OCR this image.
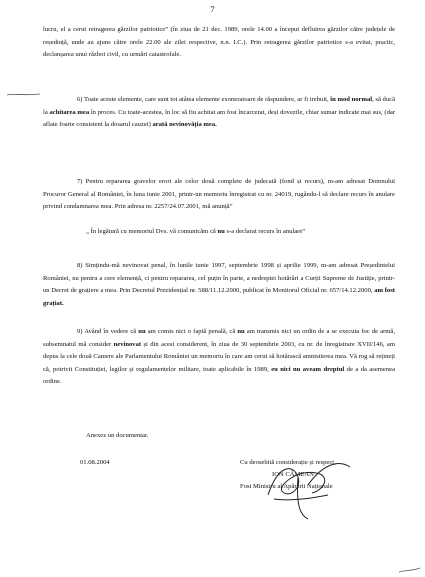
7

lucru, el a cerut retragerea gărzilor patriotice” (în ziua de 21 dec. 1989, orele 14.00 a început defluirea gărzilor către județele de reședință, unde au ajuns către orele 22.00 ale zilei respective, n.n. I.C.). Prin retragerea gărzilor patriotice s-a evitat, practic, declanșarea unui război civil, cu urmări catastrofale.

6) Toate aceste elemente, care sunt tot atâtea elemente exoneratoare de răspundere, ar fi trebuit, în mod normal, să ducă la achitarea mea în proces. Cu toate-acestea, în loc să fiu achitat am fost încarcerat, deși dovezile, chiar sumar indicate mai sus, (dar aflate foarte consistent la dosarul cauzei) arată nevinovăția mea.

7) Pentru repararea gravelor erori ale celor două complete de judecată (fond și recurs), m-am adresat Domnului Procuror General al României, în luna iunie 2001, printr-un memoriu înregistrat cu nr. 24019, rugându-l să declare recurs în anulare privind condamnarea mea. Prin adresa nr. 2257/24.07.2001, mă anunță”

„ În legătură cu memoriul Dvs. vă comunicăm că nu s-a declarat recurs în anulare”

8) Simțindu-mă nevinovat penal, în lunile iunie 1997, septembrie 1998 și aprilie 1999, m-am adresat Președintelui României, nu pentru a cere elemență, ci pentru repararea, cel puțin în parte, a nedreptei hotărâri a Curții Supreme de Justiție, printr-un Decret de grațiere a mea. Prin Decretul Prezidențial nr. 588/11.12.2000, publicat în Monitorul Oficial nr. 657/14.12.2000, am fost grațiat.

9) Având în vedere că nu am comis nici o faptă penală, că nu am transmis nici un ordin de a se executa foc de armă, subsemnatul mă consider nevinovat și din acest considerent, în ziua de 30 septembrie 2003, cu nr. de înregistrare XVII/146, am depus la cele două Camere ale Parlamentului României un memoriu în care am cerut să hotărască amnistierea mea. Vă rog să rețineți că, potrivit Constituției, legilor și regulamentelor militare, toate aplicabile în 1989, eu nici nu aveam dreptul de a da asemenea ordine.

Anexez un documentar.
01.08.2004	Cu deosebită considerație și respect,
ION CÂMEAN
Fost Ministru al Apărării Naționale
